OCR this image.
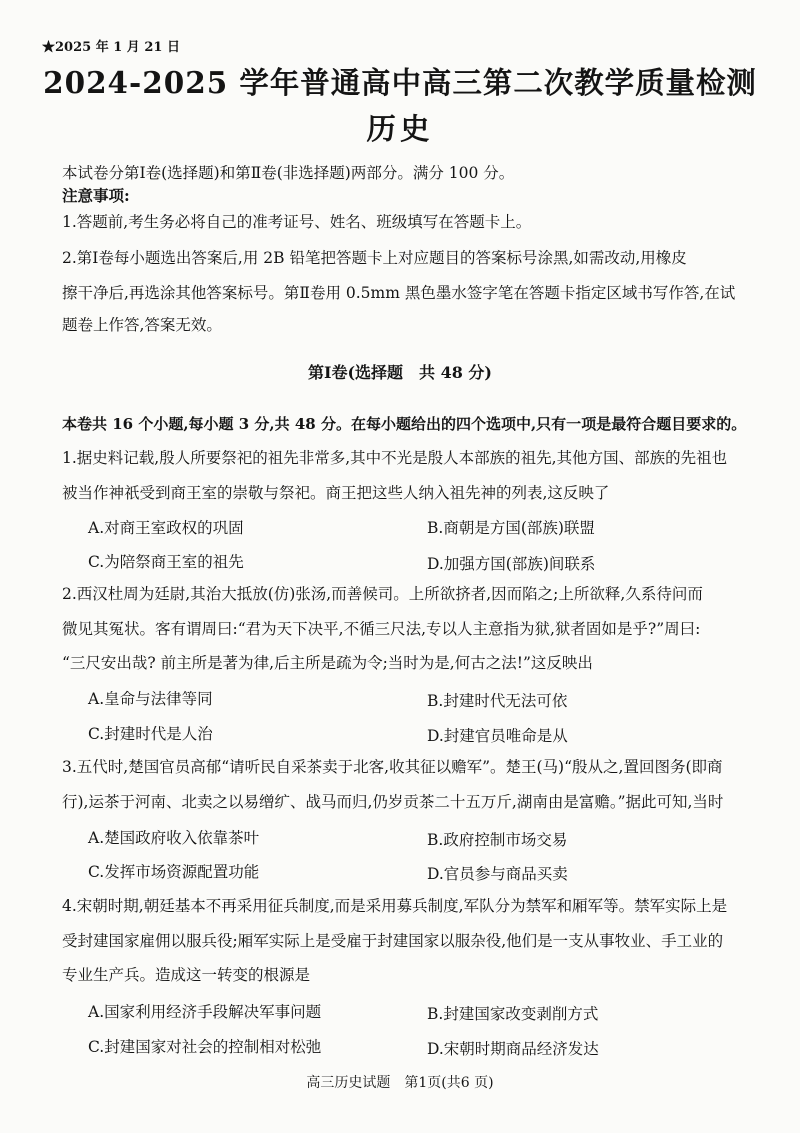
★2025 年 1 月 21 日
2024-2025 学年普通高中高三第二次教学质量检测
历史
本试卷分第Ⅰ卷(选择题)和第Ⅱ卷(非选择题)两部分。满分 100 分。
注意事项:
1.答题前,考生务必将自己的准考证号、姓名、班级填写在答题卡上。
2.第Ⅰ卷每小题选出答案后,用 2B 铅笔把答题卡上对应题目的答案标号涂黑,如需改动,用橡皮
擦干净后,再选涂其他答案标号。第Ⅱ卷用 0.5mm 黑色墨水签字笔在答题卡指定区域书写作答,在试
题卷上作答,答案无效。
第Ⅰ卷(选择题　共 48 分)
本卷共 16 个小题,每小题 3 分,共 48 分。在每小题给出的四个选项中,只有一项是最符合题目要求的。
1.据史料记载,殷人所要祭祀的祖先非常多,其中不光是殷人本部族的祖先,其他方国、部族的先祖也
被当作神祇受到商王室的崇敬与祭祀。商王把这些人纳入祖先神的列表,这反映了
A.对商王室政权的巩固	B.商朝是方国(部族)联盟
C.为陪祭商王室的祖先	D.加强方国(部族)间联系
2.西汉杜周为廷尉,其治大抵放(仿)张汤,而善候司。上所欲挤者,因而陷之;上所欲释,久系待问而
微见其冤状。客有谓周曰:“君为天下决平,不循三尺法,专以人主意指为狱,狱者固如是乎?”周曰:
“三尺安出哉? 前主所是著为律,后主所是疏为令;当时为是,何古之法!”这反映出
A.皇命与法律等同	B.封建时代无法可依
C.封建时代是人治	D.封建官员唯命是从
3.五代时,楚国官员高郁“请听民自采茶卖于北客,收其征以赡军”。楚王(马)“殷从之,置回图务(即商
行),运茶于河南、北卖之以易缯纩、战马而归,仍岁贡茶二十五万斤,湖南由是富赡。”据此可知,当时
A.楚国政府收入依靠茶叶	B.政府控制市场交易
C.发挥市场资源配置功能	D.官员参与商品买卖
4.宋朝时期,朝廷基本不再采用征兵制度,而是采用募兵制度,军队分为禁军和厢军等。禁军实际上是
受封建国家雇佣以服兵役;厢军实际上是受雇于封建国家以服杂役,他们是一支从事牧业、手工业的
专业生产兵。造成这一转变的根源是
A.国家利用经济手段解决军事问题	B.封建国家改变剥削方式
C.封建国家对社会的控制相对松弛	D.宋朝时期商品经济发达
高三历史试题　第1页(共6 页)
